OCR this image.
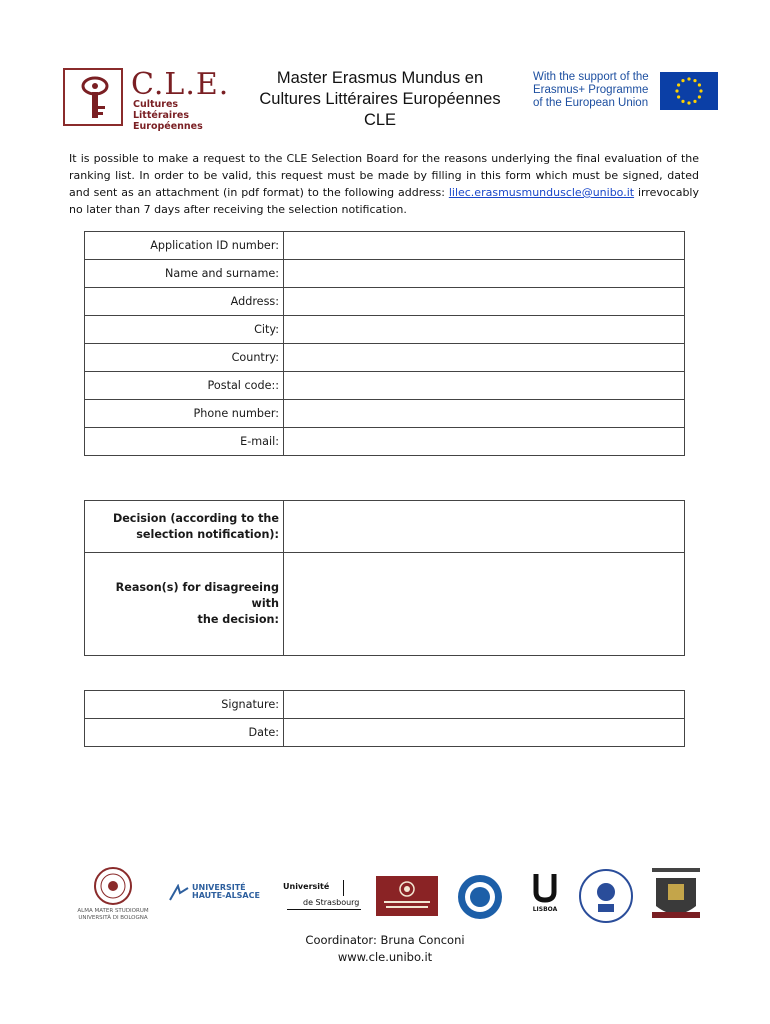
C.L.E.
Cultures Littéraires
Européennes
Master Erasmus Mundus en
Cultures Littéraires Européennes
CLE
With the support of the
Erasmus+ Programme
of the European Union
It is possible to make a request to the CLE Selection Board for the reasons underlying the final evaluation of the ranking list. In order to be valid, this request must be made by filling in this form which must be signed, dated and sent as an attachment (in pdf format) to the following address: lilec.erasmusmunduscle@unibo.it irrevocably no later than 7 days after receiving the selection notification.
Application ID number:	
Name and surname:	
Address:	
City:	
Country:	
Postal code::	
Phone number:	
E-mail:	
Decision (according to the
selection notification):	

Reason(s) for disagreeing with
the decision:	

Signature:	
Date:	
ALMA MATER STUDIORUM
UNIVERSITÀ DI BOLOGNA
UNIVERSITÉ
HAUTE-ALSACE
Université
de Strasbourg
LISBOA
Coordinator: Bruna Conconi
www.cle.unibo.it
